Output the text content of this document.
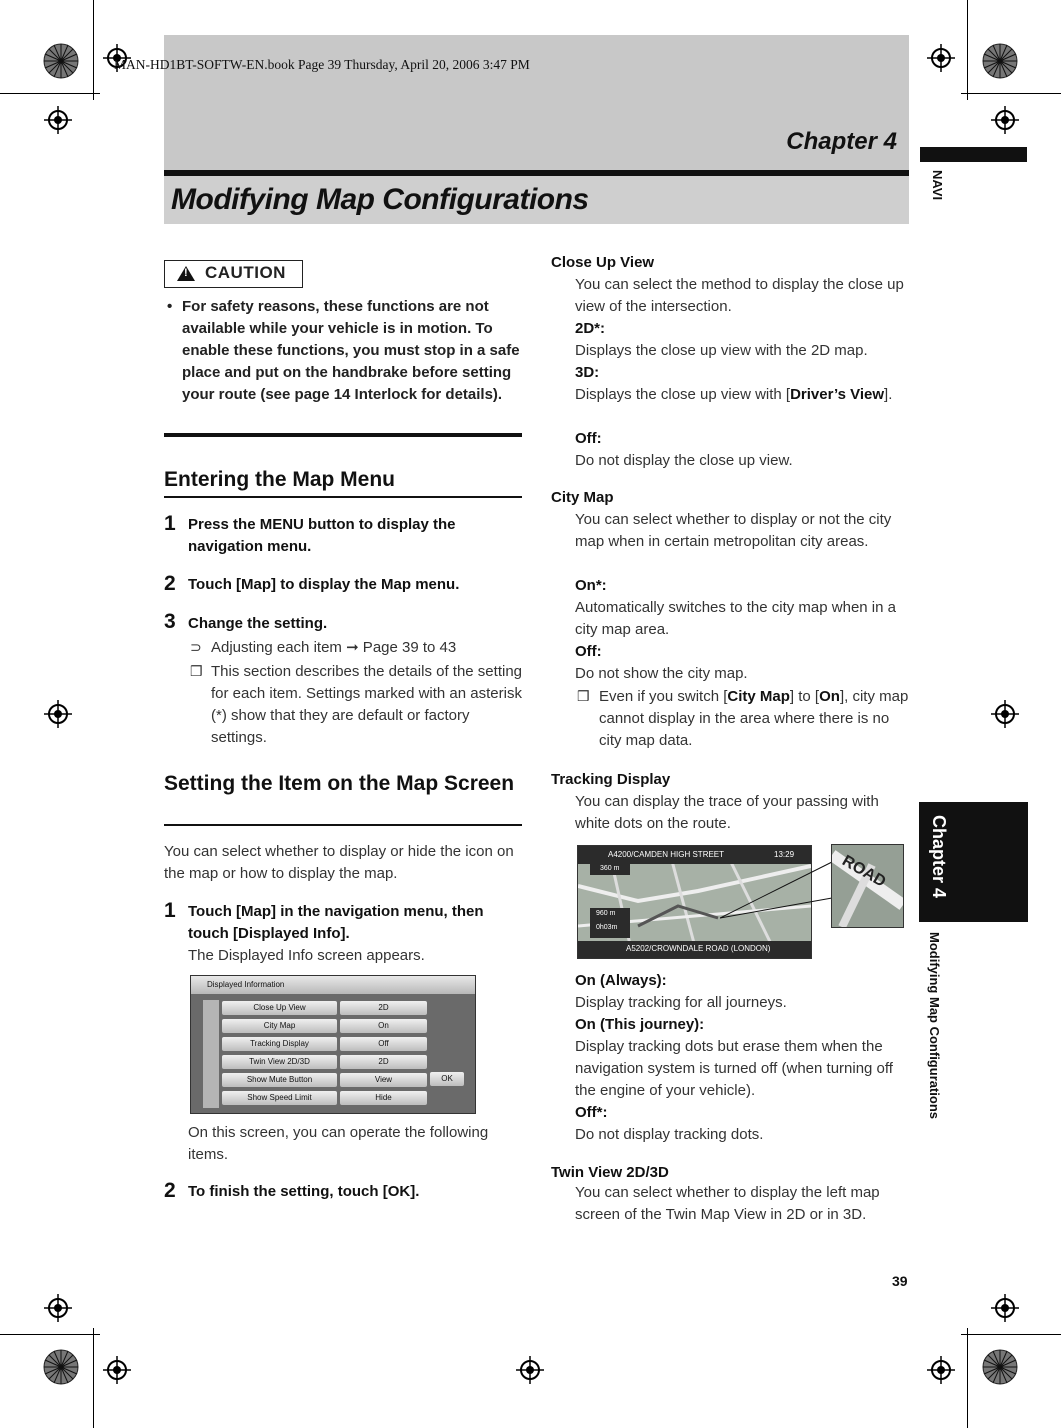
MAN-HD1BT-SOFTW-EN.book Page 39 Thursday, April 20, 2006 3:47 PM
Chapter 4
Modifying Map Configurations	NAVI
Chapter 4
Modifying Map Configurations
! CAUTION
• For safety reasons, these functions are not available while your vehicle is in motion. To enable these functions, you must stop in a safe place and put on the handbrake before setting your route (see page 14 Interlock for details).
Entering the Map Menu
1 Press the MENU button to display the navigation menu.
2 Touch [Map] to display the Map menu.
3 Change the setting.
⊃ Adjusting each item ➞ Page 39 to 43
❒ This section describes the details of the setting for each item. Settings marked with an asterisk (*) show that they are default or factory settings.
Setting the Item on the Map Screen
You can select whether to display or hide the icon on the map or how to display the map.
1 Touch [Map] in the navigation menu, then touch [Displayed Info].
The Displayed Info screen appears.
Displayed Information
Close Up View	2D
City Map	On
Tracking Display	Off
Twin View 2D/3D	2D
Show Mute Button	View
Show Speed Limit	Hide
OK
On this screen, you can operate the following items.
2 To finish the setting, touch [OK].
Close Up View
You can select the method to display the close up view of the intersection.
2D*:
Displays the close up view with the 2D map.
3D:
Displays the close up view with [Driver’s View].
Off:
Do not display the close up view.
City Map
You can select whether to display or not the city map when in certain metropolitan city areas.
On*:
Automatically switches to the city map when in a city map area.
Off:
Do not show the city map.
❒ Even if you switch [City Map] to [On], city map cannot display in the area where there is no city map data.
Tracking Display
You can display the trace of your passing with white dots on the route.
A4200/CAMDEN HIGH STREET	13:29
360 m
960 m
0h03m
A5202/CROWNDALE ROAD (LONDON)
ROAD
On (Always):
Display tracking for all journeys.
On (This journey):
Display tracking dots but erase them when the navigation system is turned off (when turning off the engine of your vehicle).
Off*:
Do not display tracking dots.
Twin View 2D/3D
You can select whether to display the left map screen of the Twin Map View in 2D or in 3D.
39
